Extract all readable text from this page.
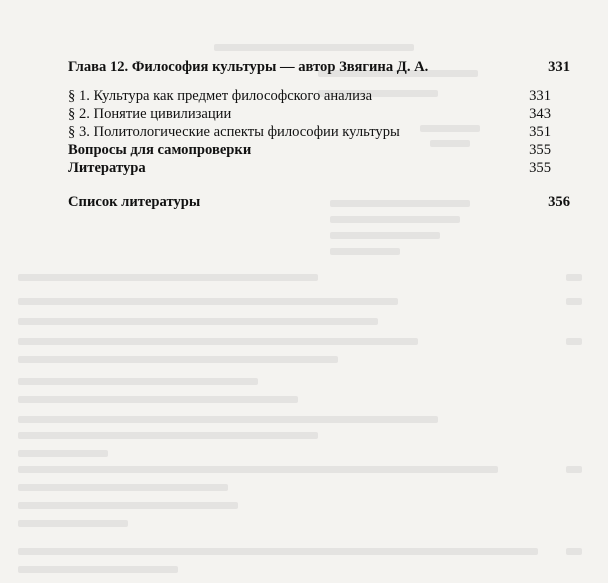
Глава 12. Философия культуры — автор Звягина Д. А.	331
§ 1. Культура как предмет философского анализа	331
§ 2. Понятие цивилизации	343
§ 3. Политологические аспекты философии культуры	351
Вопросы для самопроверки	355
Литература	355
Список литературы	356
